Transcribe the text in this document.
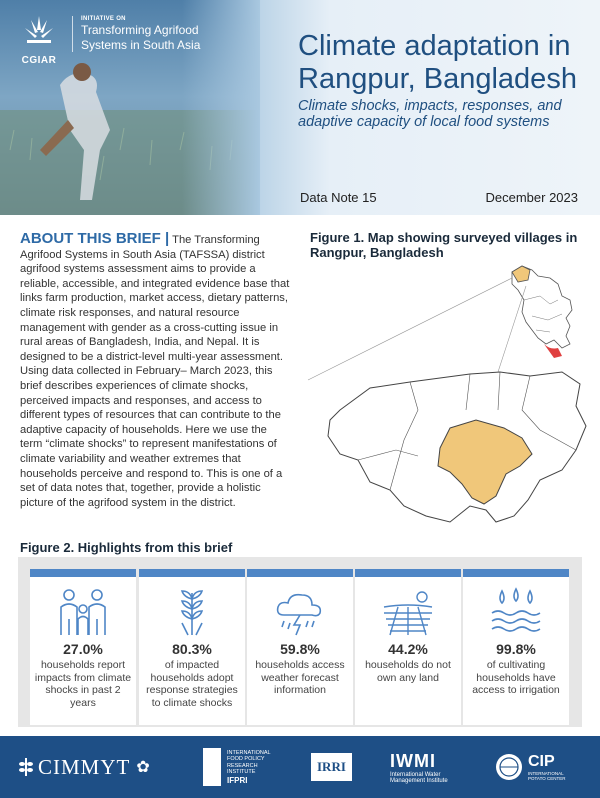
CGIAR
INITIATIVE ON
Transforming Agrifood
Systems in South Asia	Climate adaptation in
Rangpur, Bangladesh
Climate shocks, impacts, responses, and adaptive capacity of local food systems
Data Note 15	December 2023
ABOUT THIS BRIEF | The Transforming Agrifood Systems in South Asia (TAFSSA) district agrifood systems assessment aims to provide a reliable, accessible, and integrated evidence base that links farm production, market access, dietary patterns, climate risk responses, and natural resource management with gender as a cross-cutting issue in rural areas of Bangladesh, India, and Nepal. It is designed to be a district-level multi-year assessment. Using data collected in February– March 2023, this brief describes experiences of climate shocks, perceived impacts and responses, and access to different types of resources that can contribute to the adaptive capacity of households. Here we use the term “climate shocks” to represent manifestations of climate variability and weather extremes that households perceive and respond to. This is one of a set of data notes that, together, provide a holistic picture of the agrifood system in the district.
Figure 1. Map showing surveyed villages in Rangpur, Bangladesh
Figure 2. Highlights from this brief
27.0%
households report impacts from climate shocks in past 2 years
80.3%
of impacted households adopt response strategies to climate shocks
59.8%
households access weather forecast information
44.2%
households do not own any land
99.8%
of cultivating households have access to irrigation
CIMMYT ✿
INTERNATIONAL
FOOD POLICY
RESEARCH
INSTITUTE
IFPRI
IRRI	IWMI
International Water
Management Institute
CIP
INTERNATIONAL
POTATO CENTER
